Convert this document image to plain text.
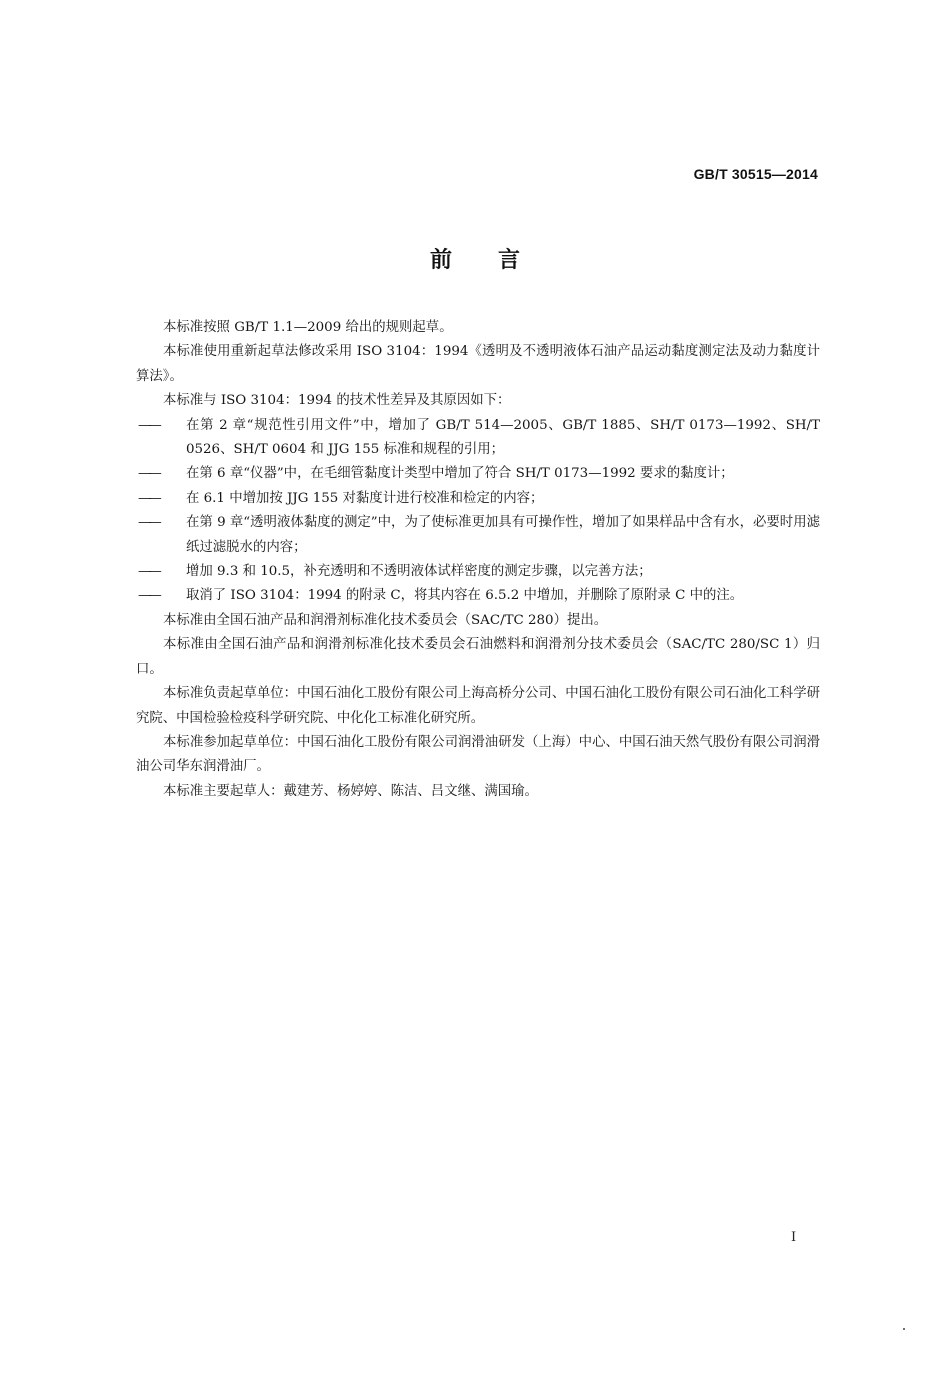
GB/T 30515—2014
前言

本标准按照 GB/T 1.1—2009 给出的规则起草。

本标准使用重新起草法修改采用 ISO 3104：1994《透明及不透明液体石油产品运动黏度测定法及动力黏度计算法》。

本标准与 ISO 3104：1994 的技术性差异及其原因如下：

——	在第 2 章“规范性引用文件”中，增加了 GB/T 514—2005、GB/T 1885、SH/T 0173—1992、SH/T 0526、SH/T 0604 和 JJG 155 标准和规程的引用；

——	在第 6 章“仪器”中，在毛细管黏度计类型中增加了符合 SH/T 0173—1992 要求的黏度计；

——	在 6.1 中增加按 JJG 155 对黏度计进行校准和检定的内容；

——	在第 9 章“透明液体黏度的测定”中，为了使标准更加具有可操作性，增加了如果样品中含有水，必要时用滤纸过滤脱水的内容；

——	增加 9.3 和 10.5，补充透明和不透明液体试样密度的测定步骤，以完善方法；

——	取消了 ISO 3104：1994 的附录 C，将其内容在 6.5.2 中增加，并删除了原附录 C 中的注。

本标准由全国石油产品和润滑剂标准化技术委员会（SAC/TC 280）提出。

本标准由全国石油产品和润滑剂标准化技术委员会石油燃料和润滑剂分技术委员会（SAC/TC 280/SC 1）归口。

本标准负责起草单位：中国石油化工股份有限公司上海高桥分公司、中国石油化工股份有限公司石油化工科学研究院、中国检验检疫科学研究院、中化化工标准化研究所。

本标准参加起草单位：中国石油化工股份有限公司润滑油研发（上海）中心、中国石油天然气股份有限公司润滑油公司华东润滑油厂。

本标准主要起草人：戴建芳、杨婷婷、陈洁、吕文继、满国瑜。

I
